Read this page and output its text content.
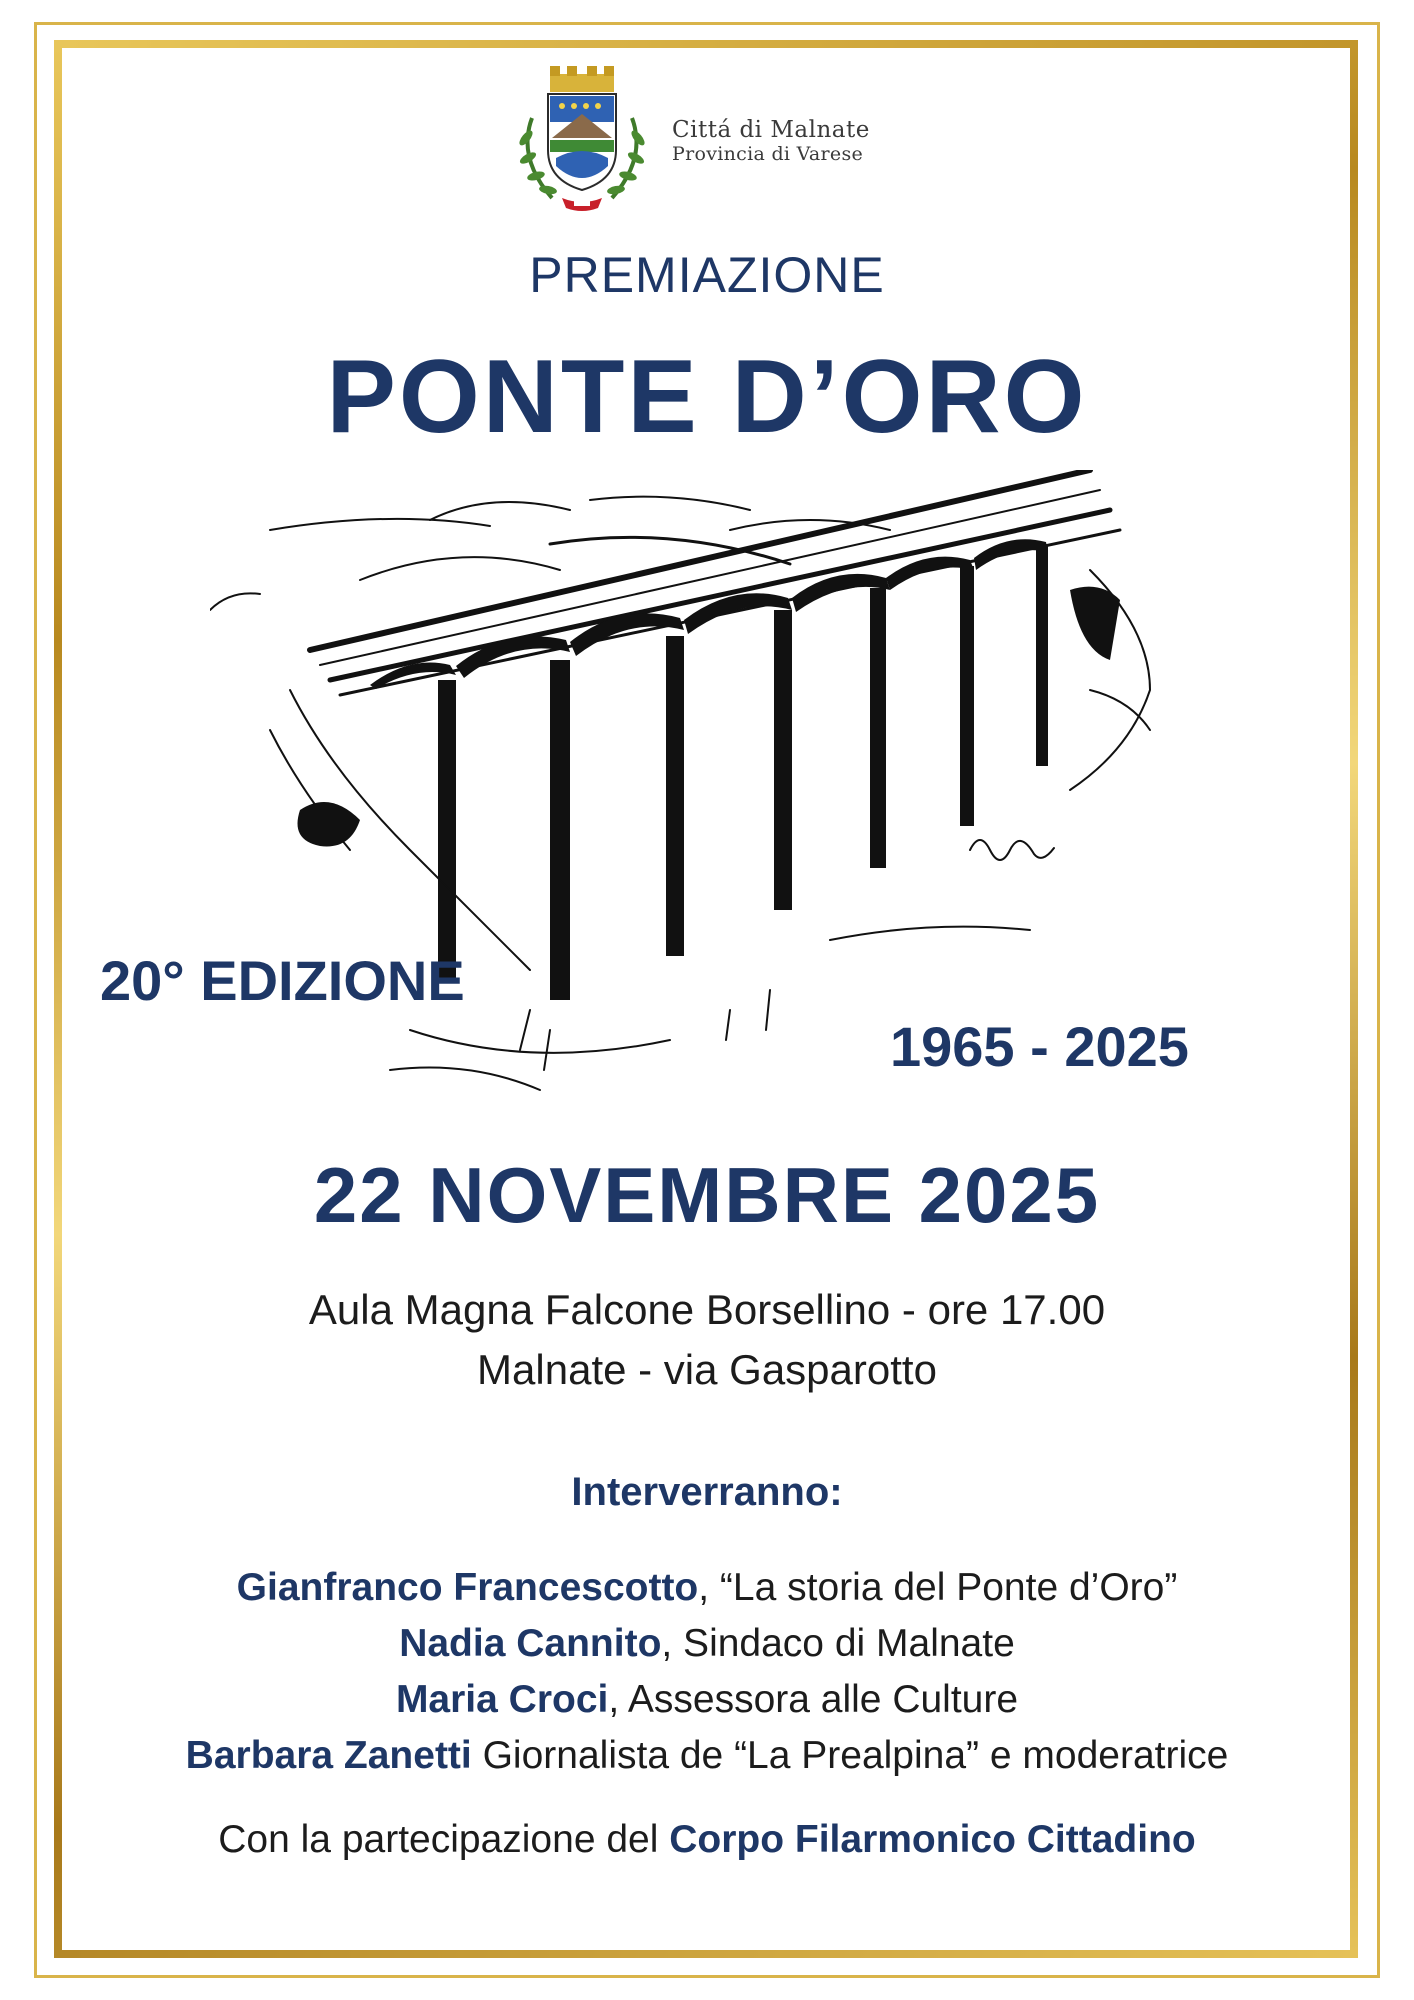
Cittá di Malnate
Provincia di Varese
PREMIAZIONE
PONTE D’ORO
20° EDIZIONE
1965 - 2025
22 NOVEMBRE 2025
Aula Magna Falcone Borsellino - ore 17.00
Malnate - via Gasparotto
Interverranno:
Gianfranco Francescotto, “La storia del Ponte d’Oro”
Nadia Cannito, Sindaco di Malnate
Maria Croci, Assessora alle Culture
Barbara Zanetti Giornalista de “La Prealpina” e moderatrice
Con la partecipazione del Corpo Filarmonico Cittadino
